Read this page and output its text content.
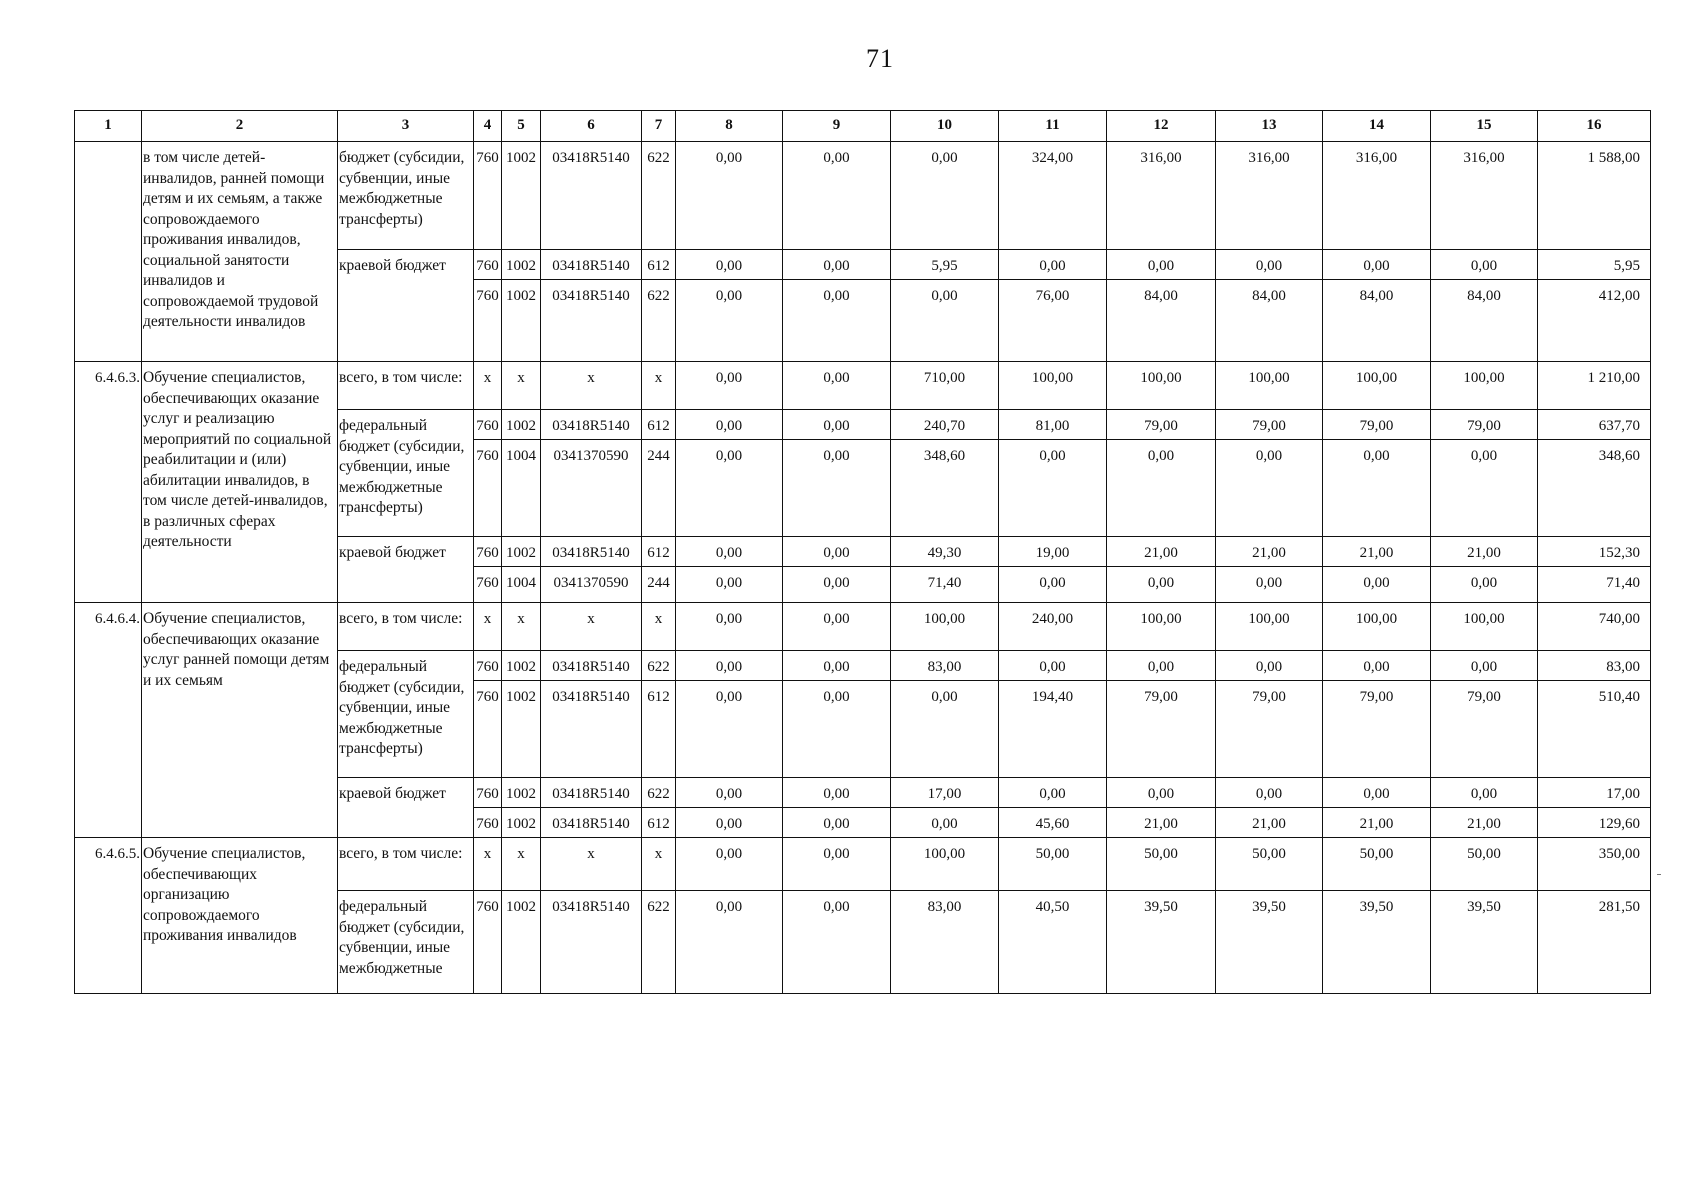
71
1	2	3	4	5	6	7	8	9	10	11	12	13	14	15	16
	в том числе детей-инвалидов, ранней помощи детям и их семьям, а также сопровождаемого проживания инвалидов, социальной занятости инвалидов и сопровождаемой трудовой деятельности инвалидов	бюджет (субсидии, субвенции, иные межбюджетные трансферты)	760	1002	03418R5140	622	0,00	0,00	0,00	324,00	316,00	316,00	316,00	316,00	1 588,00
		краевой бюджет	760	1002	03418R5140	612	0,00	0,00	5,95	0,00	0,00	0,00	0,00	0,00	5,95
			760	1002	03418R5140	622	0,00	0,00	0,00	76,00	84,00	84,00	84,00	84,00	412,00
6.4.6.3.	Обучение специалистов, обеспечивающих оказание услуг и реализацию мероприятий по социальной реабилитации и (или) абилитации инвалидов, в том числе детей-инвалидов, в различных сферах деятельности	всего, в том числе:	х	х	х	х	0,00	0,00	710,00	100,00	100,00	100,00	100,00	100,00	1 210,00
		федеральный бюджет (субсидии, субвенции, иные межбюджетные трансферты)	760	1002	03418R5140	612	0,00	0,00	240,70	81,00	79,00	79,00	79,00	79,00	637,70
			760	1004	0341370590	244	0,00	0,00	348,60	0,00	0,00	0,00	0,00	0,00	348,60
		краевой бюджет	760	1002	03418R5140	612	0,00	0,00	49,30	19,00	21,00	21,00	21,00	21,00	152,30
			760	1004	0341370590	244	0,00	0,00	71,40	0,00	0,00	0,00	0,00	0,00	71,40
6.4.6.4.	Обучение специалистов, обеспечивающих оказание услуг ранней помощи детям и их семьям	всего, в том числе:	х	х	х	х	0,00	0,00	100,00	240,00	100,00	100,00	100,00	100,00	740,00
		федеральный бюджет (субсидии, субвенции, иные межбюджетные трансферты)	760	1002	03418R5140	622	0,00	0,00	83,00	0,00	0,00	0,00	0,00	0,00	83,00
			760	1002	03418R5140	612	0,00	0,00	0,00	194,40	79,00	79,00	79,00	79,00	510,40
		краевой бюджет	760	1002	03418R5140	622	0,00	0,00	17,00	0,00	0,00	0,00	0,00	0,00	17,00
			760	1002	03418R5140	612	0,00	0,00	0,00	45,60	21,00	21,00	21,00	21,00	129,60
6.4.6.5.	Обучение специалистов, обеспечивающих организацию сопровождаемого проживания инвалидов	всего, в том числе:	х	х	х	х	0,00	0,00	100,00	50,00	50,00	50,00	50,00	50,00	350,00
		федеральный бюджет (субсидии, субвенции, иные межбюджетные	760	1002	03418R5140	622	0,00	0,00	83,00	40,50	39,50	39,50	39,50	39,50	281,50
